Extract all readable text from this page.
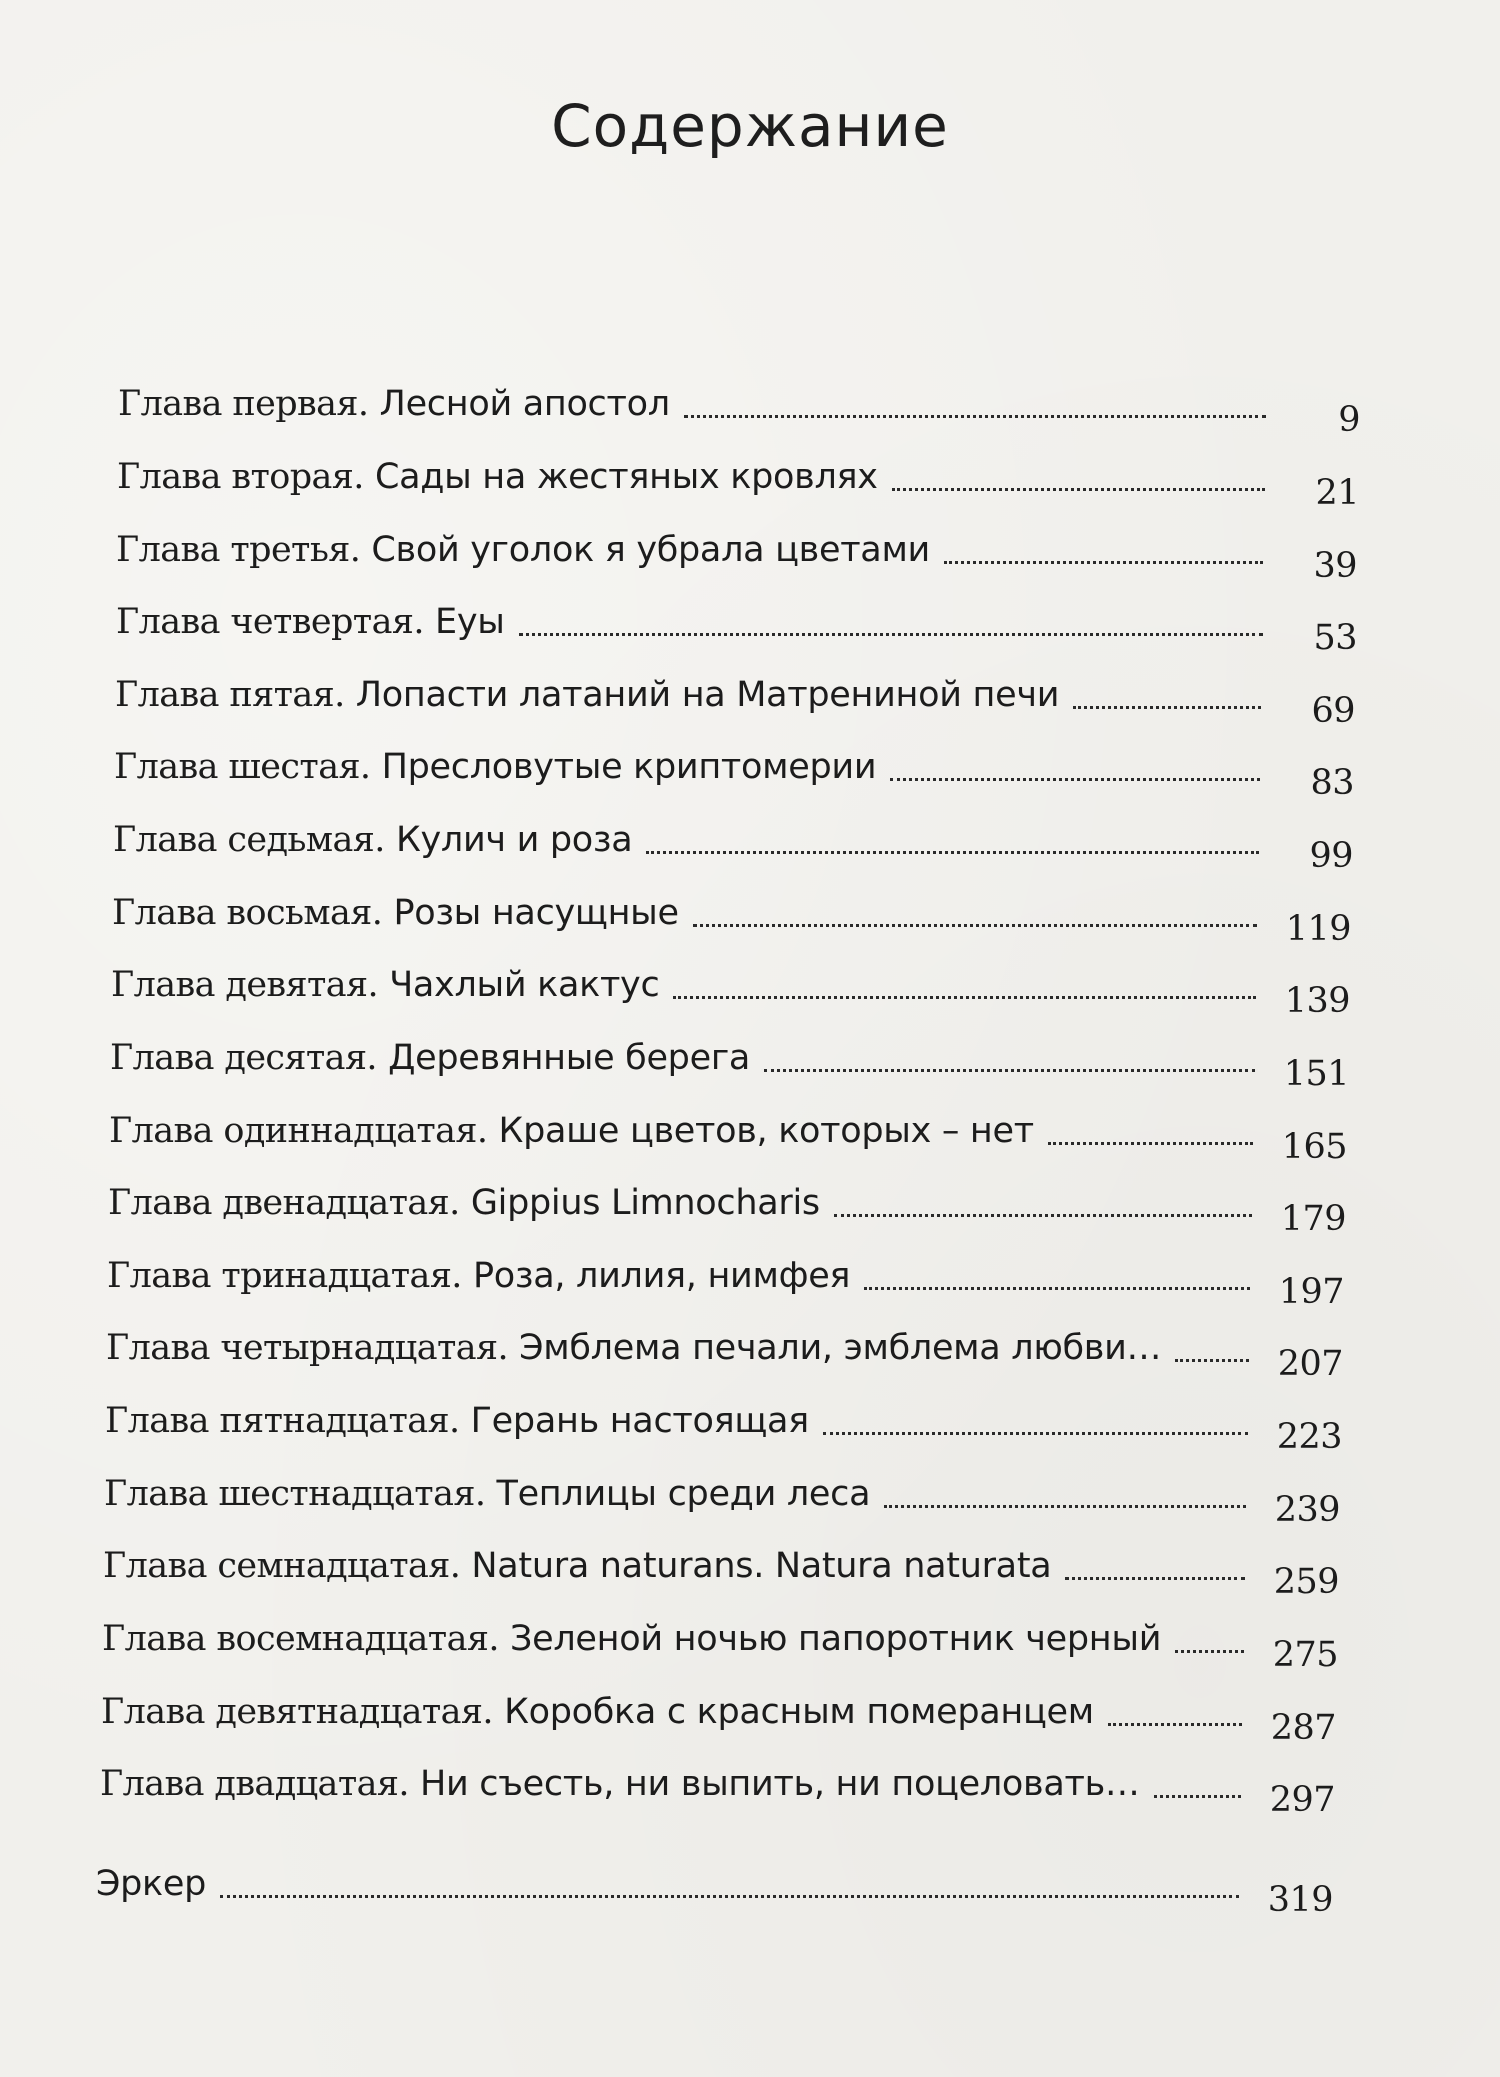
Содержание
Глава первая. Лесной апостол	9
Глава вторая. Сады на жестяных кровлях	21
Глава третья. Свой уголок я убрала цветами	39
Глава четвертая. Еуы	53
Глава пятая. Лопасти латаний на Матрениной печи	69
Глава шестая. Пресловутые криптомерии	83
Глава седьмая. Кулич и роза	99
Глава восьмая. Розы насущные	119
Глава девятая. Чахлый кактус	139
Глава десятая. Деревянные берега	151
Глава одиннадцатая. Краше цветов, которых – нет	165
Глава двенадцатая. Gippius Limnocharis	179
Глава тринадцатая. Роза, лилия, нимфея	197
Глава четырнадцатая. Эмблема печали, эмблема любви…	207
Глава пятнадцатая. Герань настоящая	223
Глава шестнадцатая. Теплицы среди леса	239
Глава семнадцатая. Natura naturans. Natura naturata	259
Глава восемнадцатая. Зеленой ночью папоротник черный	275
Глава девятнадцатая. Коробка с красным померанцем	287
Глава двадцатая. Ни съесть, ни выпить, ни поцеловать…	297
Эркер	319
